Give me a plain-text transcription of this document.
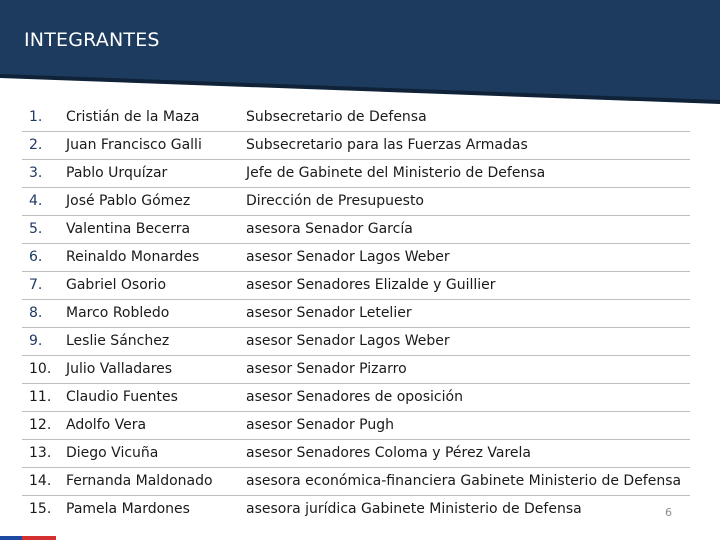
INTEGRANTES
1. Cristián de la Maza	Subsecretario de Defensa
2. Juan Francisco Galli	Subsecretario para las Fuerzas Armadas
3. Pablo Urquízar	Jefe de Gabinete del Ministerio de Defensa
4. José Pablo Gómez	Dirección de Presupuesto
5. Valentina Becerra	asesora Senador García
6. Reinaldo Monardes	asesor Senador Lagos Weber
7. Gabriel Osorio	asesor Senadores Elizalde y Guillier
8. Marco Robledo	asesor Senador Letelier
9. Leslie Sánchez	asesor Senador Lagos Weber
10. Julio Valladares	asesor Senador Pizarro
11. Claudio Fuentes	asesor Senadores de oposición
12. Adolfo Vera	asesor Senador Pugh
13. Diego Vicuña	asesor Senadores Coloma y Pérez Varela
14. Fernanda Maldonado asesora económica-financiera Gabinete Ministerio de Defensa
15. Pamela Mardones	asesora jurídica Gabinete Ministerio de Defensa	6
